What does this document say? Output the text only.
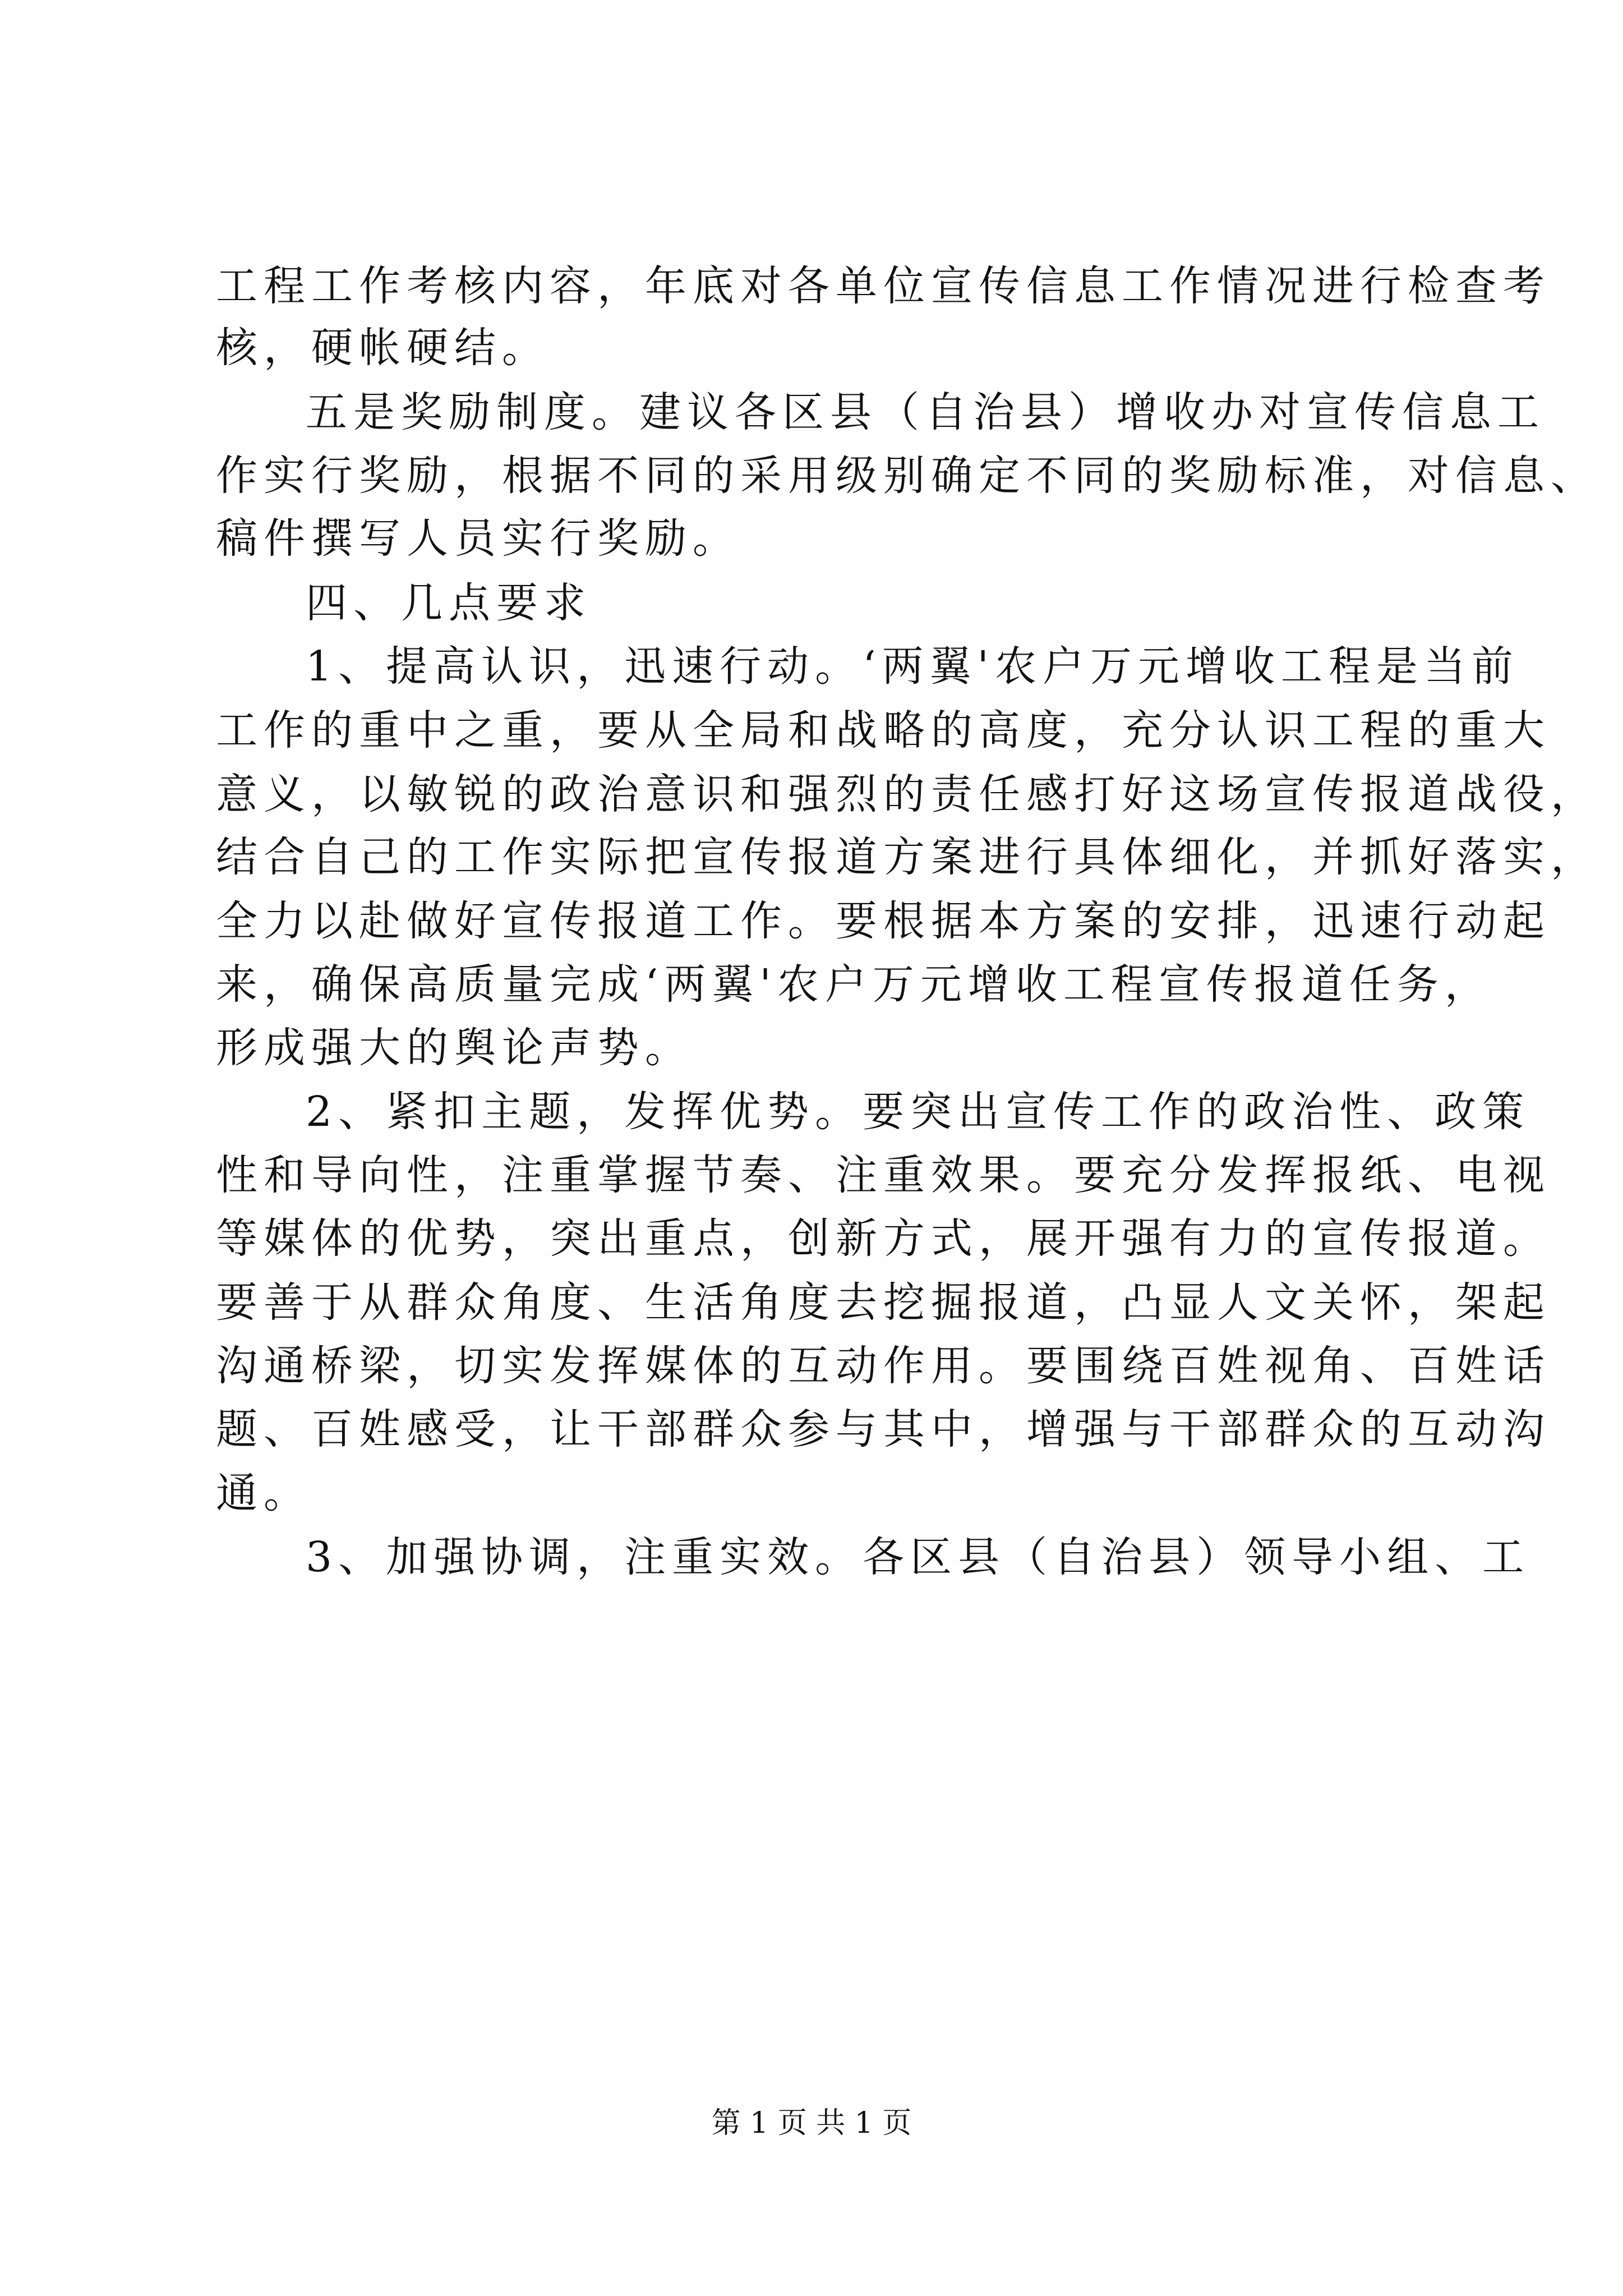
工程工作考核内容，年底对各单位宣传信息工作情况进行检查考
核，硬帐硬结。
五是奖励制度。建议各区县（自治县）增收办对宣传信息工
作实行奖励，根据不同的采用级别确定不同的奖励标准，对信息、
稿件撰写人员实行奖励。
四、几点要求
1、提高认识，迅速行动。‘两翼'农户万元增收工程是当前
工作的重中之重，要从全局和战略的高度，充分认识工程的重大
意义，以敏锐的政治意识和强烈的责任感打好这场宣传报道战役，
结合自己的工作实际把宣传报道方案进行具体细化，并抓好落实，
全力以赴做好宣传报道工作。要根据本方案的安排，迅速行动起
来，确保高质量完成‘两翼'农户万元增收工程宣传报道任务，
形成强大的舆论声势。
2、紧扣主题，发挥优势。要突出宣传工作的政治性、政策
性和导向性，注重掌握节奏、注重效果。要充分发挥报纸、电视
等媒体的优势，突出重点，创新方式，展开强有力的宣传报道。
要善于从群众角度、生活角度去挖掘报道，凸显人文关怀，架起
沟通桥梁，切实发挥媒体的互动作用。要围绕百姓视角、百姓话
题、百姓感受，让干部群众参与其中，增强与干部群众的互动沟
通。
3、加强协调，注重实效。各区县（自治县）领导小组、工
第 1 页 共 1 页
